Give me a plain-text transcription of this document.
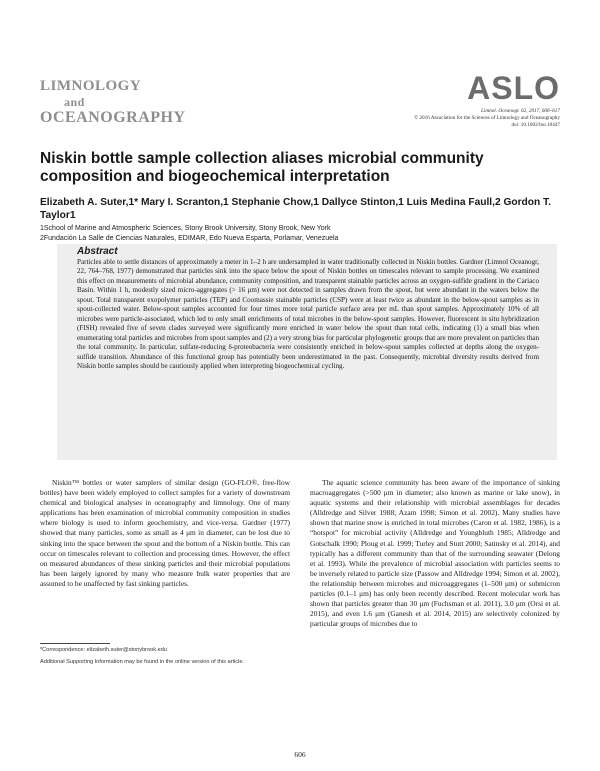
LIMNOLOGY
and
OCEANOGRAPHY
ASLO
Limnol. Oceanogr. 62, 2017, 606–617
© 2016 Association for the Sciences of Limnology and Oceanography
doi: 10.1002/lno.10447
Niskin bottle sample collection aliases microbial community composition and biogeochemical interpretation
Elizabeth A. Suter,1* Mary I. Scranton,1 Stephanie Chow,1 Dallyce Stinton,1 Luis Medina Faull,2 Gordon T. Taylor1
1School of Marine and Atmospheric Sciences, Stony Brook University, Stony Brook, New York
2Fundación La Salle de Ciencias Naturales, EDIMAR, Edo Nueva Esparta, Porlamar, Venezuela
Abstract
Particles able to settle distances of approximately a meter in 1–2 h are undersampled in water traditionally collected in Niskin bottles. Gardner (Limnol Oceanogr, 22, 764–768, 1977) demonstrated that particles sink into the space below the spout of Niskin bottles on timescales relevant to sample processing. We examined this effect on measurements of microbial abundance, community composition, and transparent stainable particles across an oxygen-sulfide gradient in the Cariaco Basin. Within 1 h, modestly sized micro-aggregates (> 16 μm) were not detected in samples drawn from the spout, but were abundant in the waters below the spout. Total transparent exopolymer particles (TEP) and Coomassie stainable particles (CSP) were at least twice as abundant in the below-spout samples as in spout-collected water. Below-spout samples accounted for four times more total particle surface area per mL than spout samples. Approximately 10% of all microbes were particle-associated, which led to only small enrichments of total microbes in the below-spout samples. However, fluorescent in situ hybridization (FISH) revealed five of seven clades surveyed were significantly more enriched in water below the spout than total cells, indicating (1) a small bias when enumerating total particles and microbes from spout samples and (2) a very strong bias for particular phylogenetic groups that are more prevalent on particles than the total community. In particular, sulfate-reducing δ-proteobacteria were consistently enriched in below-spout samples collected at depths along the oxygen-sulfide transition. Abundance of this functional group has potentially been underestimated in the past. Consequently, microbial diversity results derived from Niskin bottle samples should be cautiously applied when interpreting biogeochemical cycling.

Niskin™ bottles or water samplers of similar design (GO-FLO®, free-flow bottles) have been widely employed to collect samples for a variety of downstream chemical and biological analyses in oceanography and limnology. One of many applications has been examination of microbial community composition in studies where biology is used to inform geochemistry, and vice-versa. Gardner (1977) showed that many particles, some as small as 4 μm in diameter, can be lost due to sinking into the space between the spout and the bottom of a Niskin bottle. This can occur on timescales relevant to collection and processing times. However, the effect on measured abundances of these sinking particles and their microbial populations has been largely ignored by many who measure bulk water properties that are assumed to be unaffected by fast sinking particles.

The aquatic science community has been aware of the importance of sinking macroaggregates (>500 μm in diameter; also known as marine or lake snow), in aquatic systems and their relationship with microbial assemblages for decades (Alldredge and Silver 1988; Azam 1998; Simon et al. 2002). Many studies have shown that marine snow is enriched in total microbes (Caron et al. 1982, 1986), is a “hotspot” for microbial activity (Alldredge and Youngbluth 1985; Alldredge and Gotschalk 1990; Ploug et al. 1999; Turley and Stutt 2000; Satinsky et al. 2014), and typically has a different community than that of the surrounding seawater (Delong et al. 1993). While the prevalence of microbial association with particles seems to be inversely related to particle size (Passow and Alldredge 1994; Simon et al. 2002), the relationship between microbes and microaggregates (1–500 μm) or submicron particles (0.1–1 μm) has only been recently described. Recent molecular work has shown that particles greater than 30 μm (Fuchsman et al. 2011), 3.0 μm (Orsi et al. 2015), and even 1.6 μm (Ganesh et al. 2014, 2015) are selectively colonized by particular groups of microbes due to

*Correspondence: elizabeth.suter@stonybrook.edu
Additional Supporting Information may be found in the online version of this article.
606
